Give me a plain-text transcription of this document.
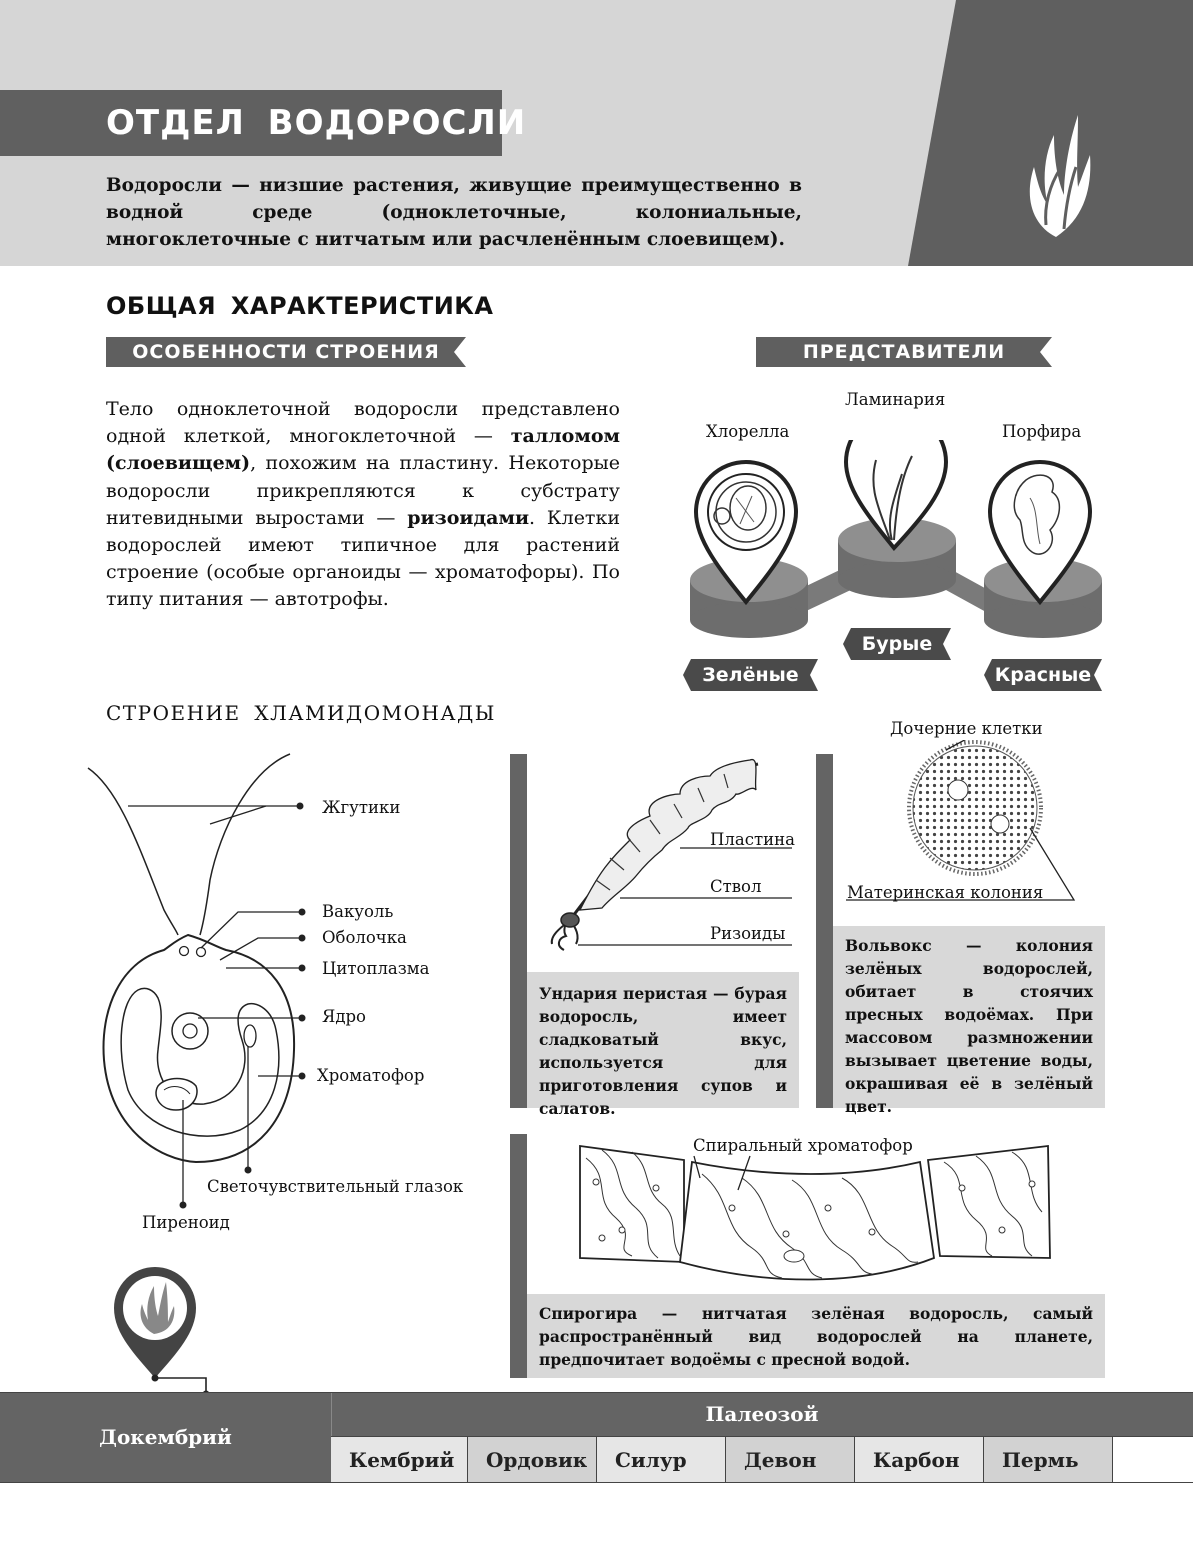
ОТДЕЛ ВОДОРОСЛИ
Водоросли — низшие растения, живущие преимущественно в водной среде (одноклеточные, колониальные, многоклеточные с нитчатым или расчленённым слоевищем).
ОБЩАЯ ХАРАКТЕРИСТИКА
ОСОБЕННОСТИ СТРОЕНИЯ	ПРЕДСТАВИТЕЛИ
Тело одноклеточной водоросли представлено одной клеткой, многоклеточной — талломом (слоевищем), похожим на пластину. Некоторые водоросли прикрепляются к субстрату нитевидными выростами — ризоидами. Клетки водорослей имеют типичное для растений строение (особые органоиды — хроматофоры). По типу питания — автотрофы.
Хлорелла
Ламинария
Порфира
Зелёные
Бурые
Красные
СТРОЕНИЕ ХЛАМИДОМОНАДЫ
Жгутики
Вакуоль
Оболочка
Цитоплазма
Ядро
Хроматофор
Светочувствительный глазок
Пиреноид
Пластина
Ствол
Ризоиды
Ундария перистая — бурая водоросль, имеет сладковатый вкус, используется для приготовления супов и салатов.
Дочерние клетки
Материнская колония
Вольвокс — колония зелёных водорослей, обитает в стоячих пресных водоёмах. При массовом размножении вызывает цветение воды, окрашивая её в зелёный цвет.
Спиральный хроматофор
Спирогира — нитчатая зелёная водоросль, самый распространённый вид водорослей на планете, предпочитает водоёмы с пресной водой.
Докембрий
Палеозой
Кембрий	Ордовик	Силур	Девон	Карбон	Пермь
